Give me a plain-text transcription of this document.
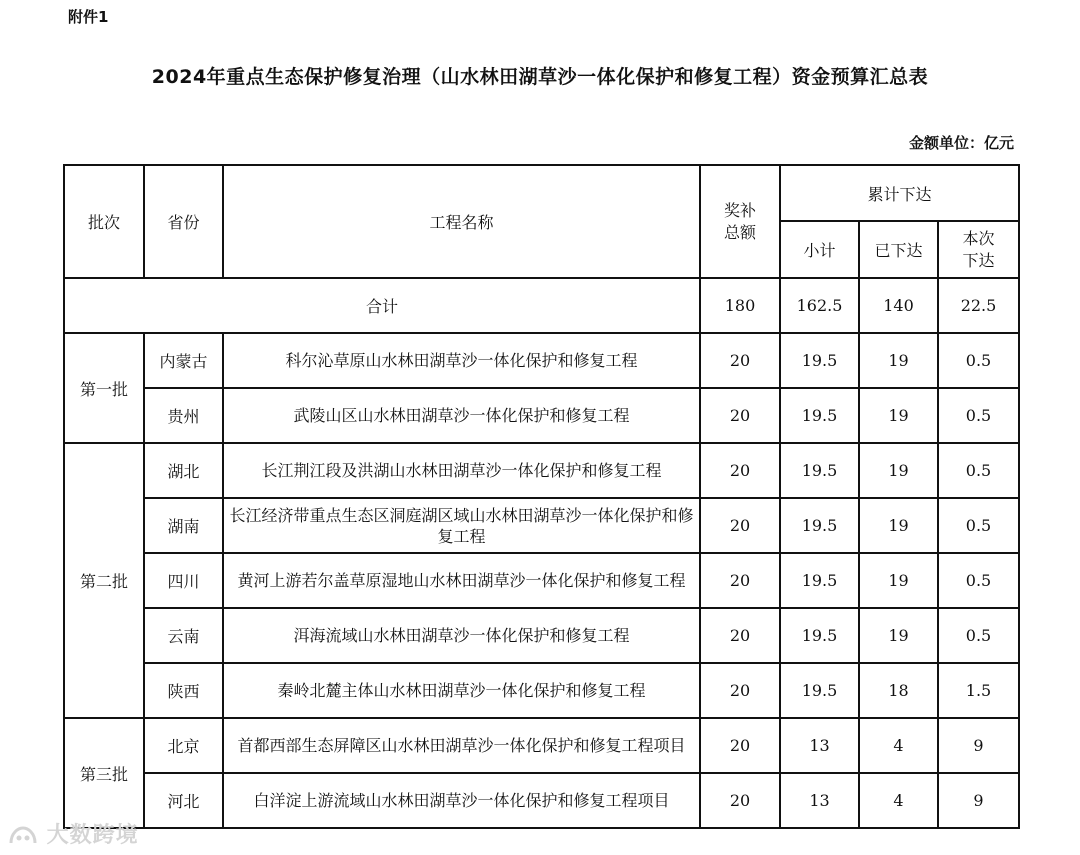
附件1
2024年重点生态保护修复治理（山水林田湖草沙一体化保护和修复工程）资金预算汇总表
金额单位：亿元
批次	省份	工程名称	奖补总额	累计下达		
				小计	已下达	本次下达

合计			180	162.5	140	22.5
第一批	内蒙古	科尔沁草原山水林田湖草沙一体化保护和修复工程	20	19.5	19	0.5
	贵州	武陵山区山水林田湖草沙一体化保护和修复工程	20	19.5	19	0.5
第二批	湖北	长江荆江段及洪湖山水林田湖草沙一体化保护和修复工程	20	19.5	19	0.5
	湖南	长江经济带重点生态区洞庭湖区域山水林田湖草沙一体化保护和修复工程	20	19.5	19	0.5
	四川	黄河上游若尔盖草原湿地山水林田湖草沙一体化保护和修复工程	20	19.5	19	0.5
	云南	洱海流域山水林田湖草沙一体化保护和修复工程	20	19.5	19	0.5
	陕西	秦岭北麓主体山水林田湖草沙一体化保护和修复工程	20	19.5	18	1.5
第三批	北京	首都西部生态屏障区山水林田湖草沙一体化保护和修复工程项目	20	13	4	9
	河北	白洋淀上游流域山水林田湖草沙一体化保护和修复工程项目	20	13	4	9
大数跨境
